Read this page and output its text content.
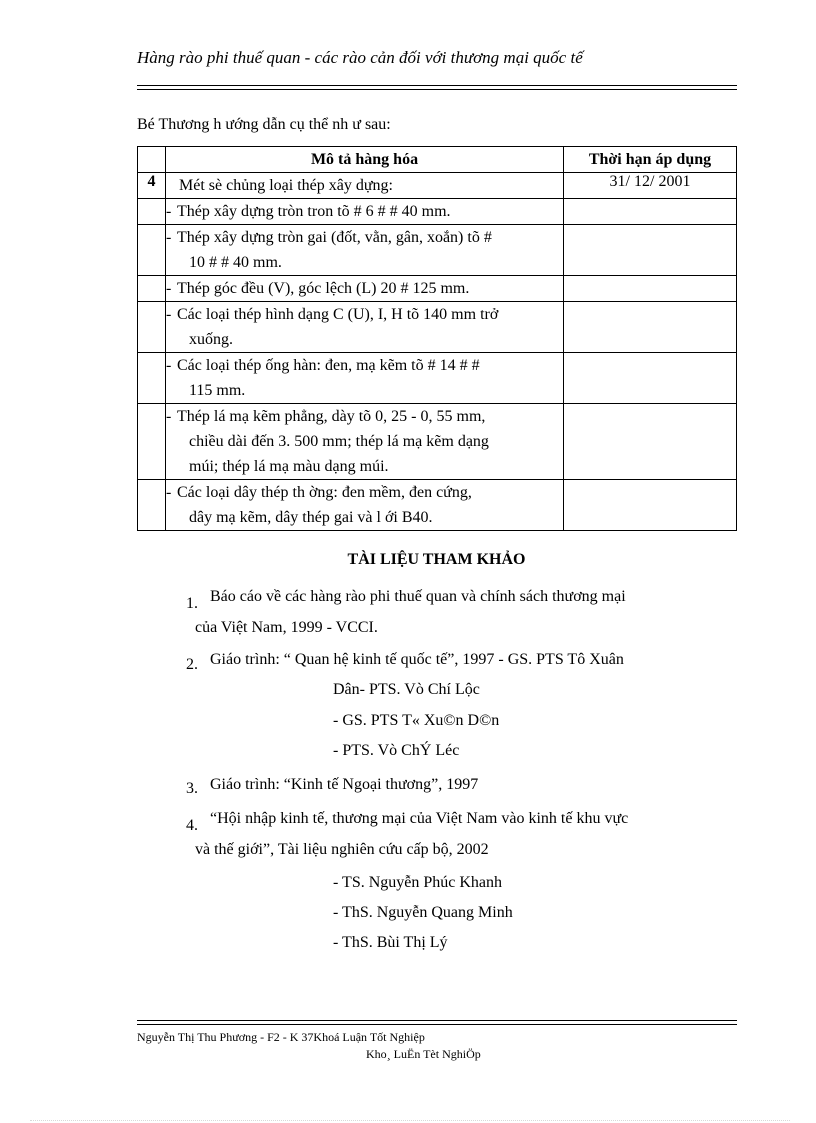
Hàng rào phi thuế quan - các rào cản đối với thương mại quốc tế
Bé Thương h ướng dẫn cụ thể nh ư sau:
	Mô tả hàng hóa	Thời hạn áp dụng
4	Mét sè chủng loại thép xây dựng:	31/ 12/ 2001

	- Thép xây dựng tròn tron tõ # 6 # # 40 mm.	

	- Thép xây dựng tròn gai (đốt, vằn, gân, xoắn) tõ #
10 # # 40 mm.	

	- Thép góc đều (V), góc lệch (L) 20 # 125 mm.	

	- Các loại thép hình dạng C (U), I, H tõ 140 mm trở
xuống.	

	- Các loại thép ống hàn: đen, mạ kẽm tõ # 14 # #
115 mm.	

	- Thép lá mạ kẽm phẳng, dày tõ 0, 25 - 0, 55 mm,
chiều dài đến 3. 500 mm; thép lá mạ kẽm dạng
múi; thép lá mạ màu dạng múi.	

	- Các loại dây thép th ờng: đen mềm, đen cứng,
dây mạ kẽm, dây thép gai và l ới B40.	

TÀI LIỆU THAM KHẢO
1. Báo cáo về các hàng rào phi thuế quan và chính sách thương mại
của Việt Nam, 1999 - VCCI.
2. Giáo trình: “ Quan hệ kinh tế quốc tế”, 1997 - GS. PTS Tô Xuân
Dân- PTS. Vò Chí Lộc
- GS. PTS T« Xu©n D©n
- PTS. Vò ChÝ Léc
3. Giáo trình: “Kinh tế Ngoại thương”, 1997
4. “Hội nhập kinh tế, thương mại của Việt Nam vào kinh tế khu vực
và thế giới”, Tài liệu nghiên cứu cấp bộ, 2002
- TS. Nguyễn Phúc Khanh
- ThS. Nguyễn Quang Minh
- ThS. Bùi Thị Lý
Nguyễn Thị Thu Phương - F2 - K 37Khoá Luận Tốt Nghiệp
Kho¸ LuËn Tèt NghiÖp
